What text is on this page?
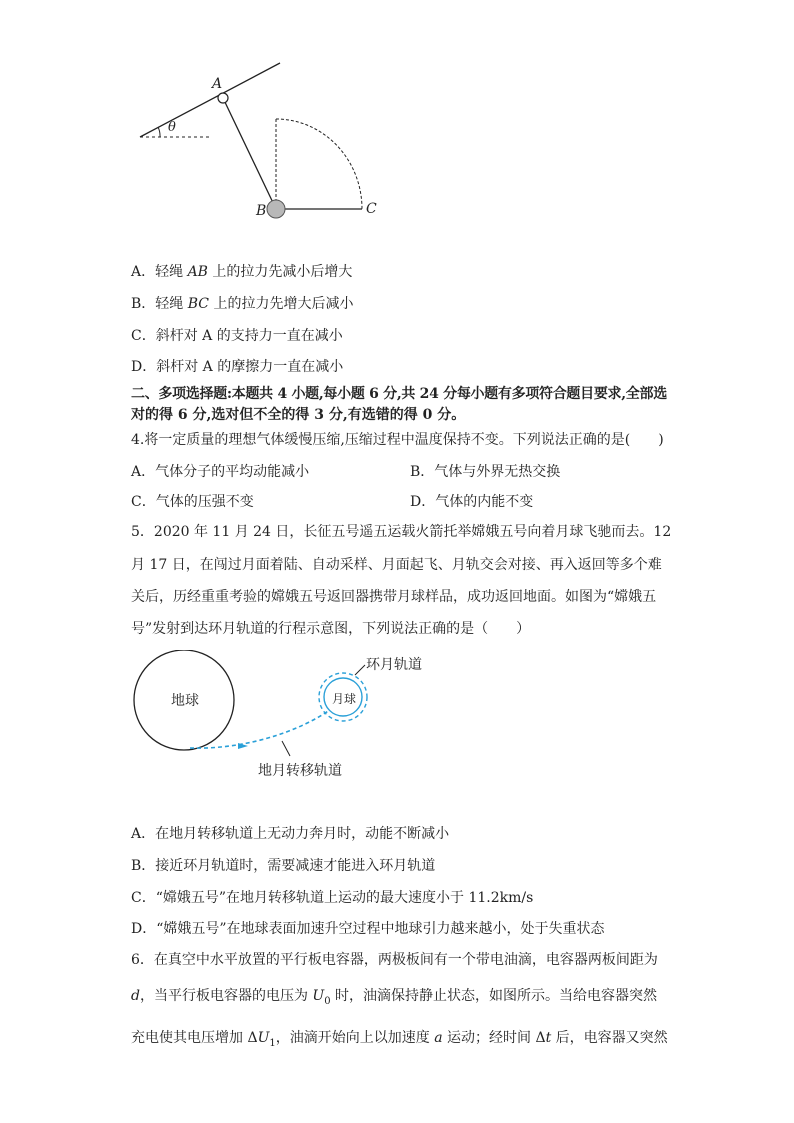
A
θ
B	C
A．轻绳 AB 上的拉力先减小后增大
B．轻绳 BC 上的拉力先增大后减小
C．斜杆对 A 的支持力一直在减小
D．斜杆对 A 的摩擦力一直在减小
二、多项选择题:本题共 4 小题,每小题 6 分,共 24 分每小题有多项符合题目要求,全部选
对的得 6 分,选对但不全的得 3 分,有选错的得 0 分。
4.将一定质量的理想气体缓慢压缩,压缩过程中温度保持不变。下列说法正确的是(　　)
A．气体分子的平均动能减小	B．气体与外界无热交换
C．气体的压强不变	D．气体的内能不变
5．2020 年 11 月 24 日，长征五号遥五运载火箭托举嫦娥五号向着月球飞驰而去。12
月 17 日，在闯过月面着陆、自动采样、月面起飞、月轨交会对接、再入返回等多个难
关后，历经重重考验的嫦娥五号返回器携带月球样品，成功返回地面。如图为“嫦娥五
号”发射到达环月轨道的行程示意图，下列说法正确的是（　　）
地球	月球
环月轨道
地月转移轨道
A．在地月转移轨道上无动力奔月时，动能不断减小
B．接近环月轨道时，需要减速才能进入环月轨道
C．“嫦娥五号”在地月转移轨道上运动的最大速度小于 11.2km/s
D．“嫦娥五号”在地球表面加速升空过程中地球引力越来越小，处于失重状态
6．在真空中水平放置的平行板电容器，两极板间有一个带电油滴，电容器两板间距为
d，当平行板电容器的电压为 $U_0$ 时，油滴保持静止状态，如图所示。当给电容器突然
充电使其电压增加 $\Delta U_1$，油滴开始向上以加速度 a 运动；经时间 Δt 后，电容器又突然
